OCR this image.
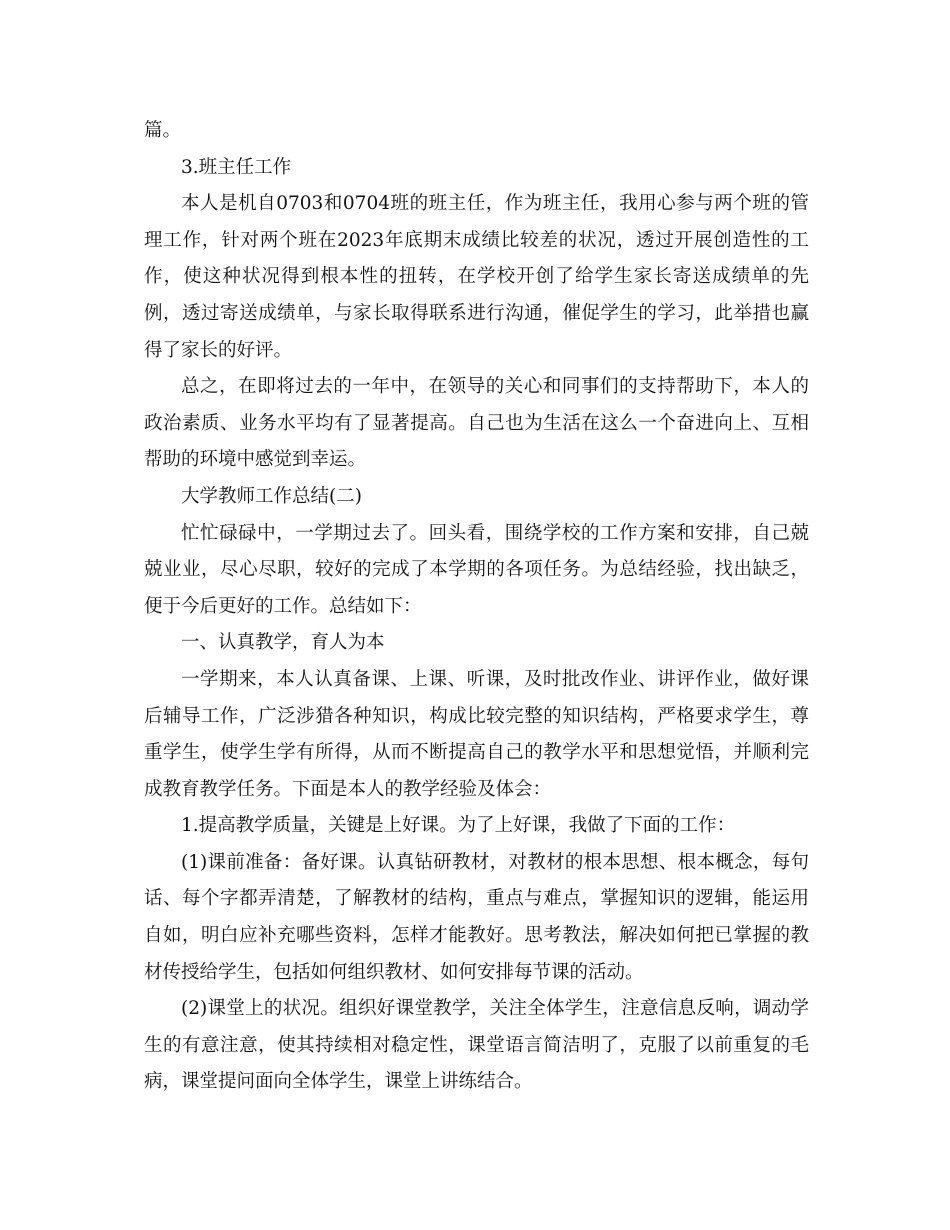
篇。

3.班主任工作

本人是机自0703和0704班的班主任，作为班主任，我用心参与两个班的管理工作，针对两个班在2023年底期末成绩比较差的状况，透过开展创造性的工作，使这种状况得到根本性的扭转，在学校开创了给学生家长寄送成绩单的先例，透过寄送成绩单，与家长取得联系进行沟通，催促学生的学习，此举措也赢得了家长的好评。

总之，在即将过去的一年中，在领导的关心和同事们的支持帮助下，本人的政治素质、业务水平均有了显著提高。自己也为生活在这么一个奋进向上、互相帮助的环境中感觉到幸运。

大学教师工作总结(二)

忙忙碌碌中，一学期过去了。回头看，围绕学校的工作方案和安排，自己兢兢业业，尽心尽职，较好的完成了本学期的各项任务。为总结经验，找出缺乏，便于今后更好的工作。总结如下：

一、认真教学，育人为本

一学期来，本人认真备课、上课、听课，及时批改作业、讲评作业，做好课后辅导工作，广泛涉猎各种知识，构成比较完整的知识结构，严格要求学生，尊重学生，使学生学有所得，从而不断提高自己的教学水平和思想觉悟，并顺利完成教育教学任务。下面是本人的教学经验及体会：

1.提高教学质量，关键是上好课。为了上好课，我做了下面的工作：

(1)课前准备：备好课。认真钻研教材，对教材的根本思想、根本概念，每句话、每个字都弄清楚，了解教材的结构，重点与难点，掌握知识的逻辑，能运用自如，明白应补充哪些资料，怎样才能教好。思考教法，解决如何把已掌握的教材传授给学生，包括如何组织教材、如何安排每节课的活动。

(2)课堂上的状况。组织好课堂教学，关注全体学生，注意信息反响，调动学生的有意注意，使其持续相对稳定性，课堂语言简洁明了，克服了以前重复的毛病，课堂提问面向全体学生，课堂上讲练结合。
